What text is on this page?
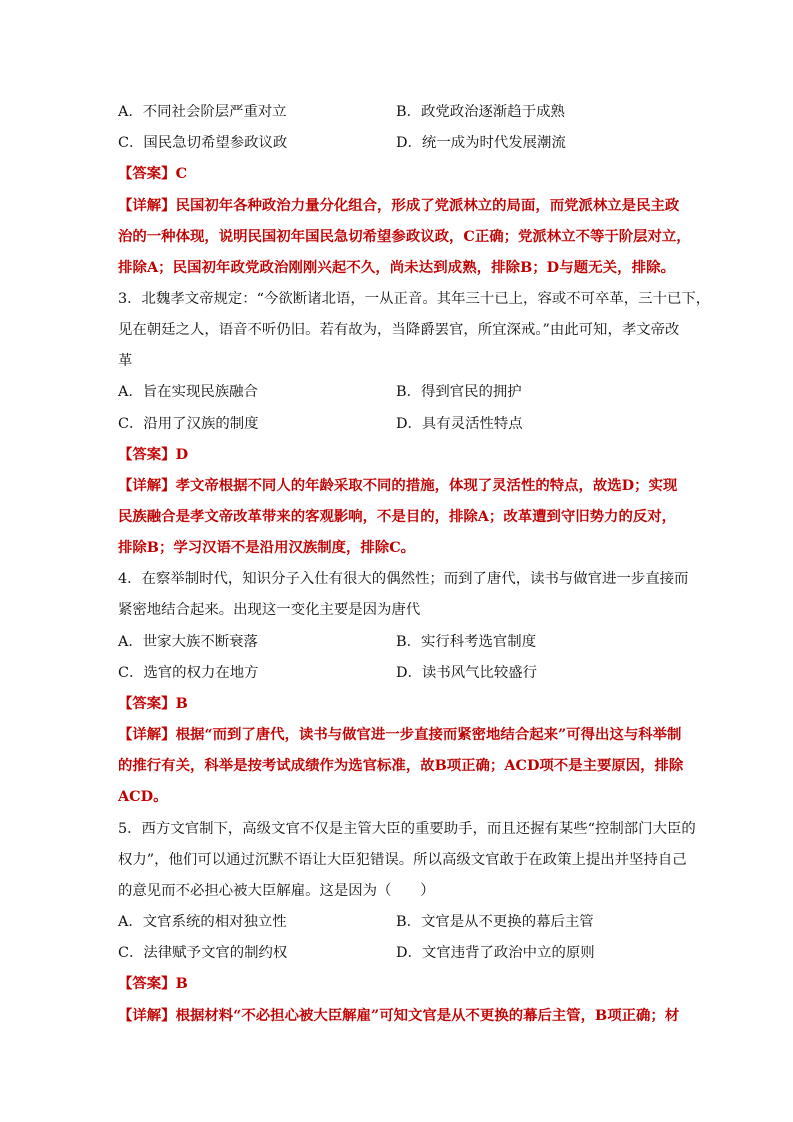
A．不同社会阶层严重对立	B．政党政治逐渐趋于成熟
C．国民急切希望参政议政	D．统一成为时代发展潮流
【答案】C
【详解】民国初年各种政治力量分化组合，形成了党派林立的局面，而党派林立是民主政
治的一种体现，说明民国初年国民急切希望参政议政，C正确；党派林立不等于阶层对立，
排除A；民国初年政党政治刚刚兴起不久，尚未达到成熟，排除B；D与题无关，排除。
3．北魏孝文帝规定：“今欲断诸北语，一从正音。其年三十已上，容或不可卒革，三十已下，
见在朝廷之人，语音不听仍旧。若有故为，当降爵罢官，所宜深戒。”由此可知，孝文帝改
革
A．旨在实现民族融合	B．得到官民的拥护
C．沿用了汉族的制度	D．具有灵活性特点
【答案】D
【详解】孝文帝根据不同人的年龄采取不同的措施，体现了灵活性的特点，故选D；实现
民族融合是孝文帝改革带来的客观影响，不是目的，排除A；改革遭到守旧势力的反对，
排除B；学习汉语不是沿用汉族制度，排除C。
4．在察举制时代，知识分子入仕有很大的偶然性；而到了唐代，读书与做官进一步直接而
紧密地结合起来。出现这一变化主要是因为唐代
A．世家大族不断衰落	B．实行科考选官制度
C．选官的权力在地方	D．读书风气比较盛行
【答案】B
【详解】根据“而到了唐代，读书与做官进一步直接而紧密地结合起来”可得出这与科举制
的推行有关，科举是按考试成绩作为选官标准，故B项正确；ACD项不是主要原因，排除
ACD。
5．西方文官制下，高级文官不仅是主管大臣的重要助手，而且还握有某些“控制部门大臣的
权力”，他们可以通过沉默不语让大臣犯错误。所以高级文官敢于在政策上提出并坚持自己
的意见而不必担心被大臣解雇。这是因为（　　）
A．文官系统的相对独立性	B．文官是从不更换的幕后主管
C．法律赋予文官的制约权	D．文官违背了政治中立的原则
【答案】B
【详解】根据材料“不必担心被大臣解雇”可知文官是从不更换的幕后主管，B项正确；材
